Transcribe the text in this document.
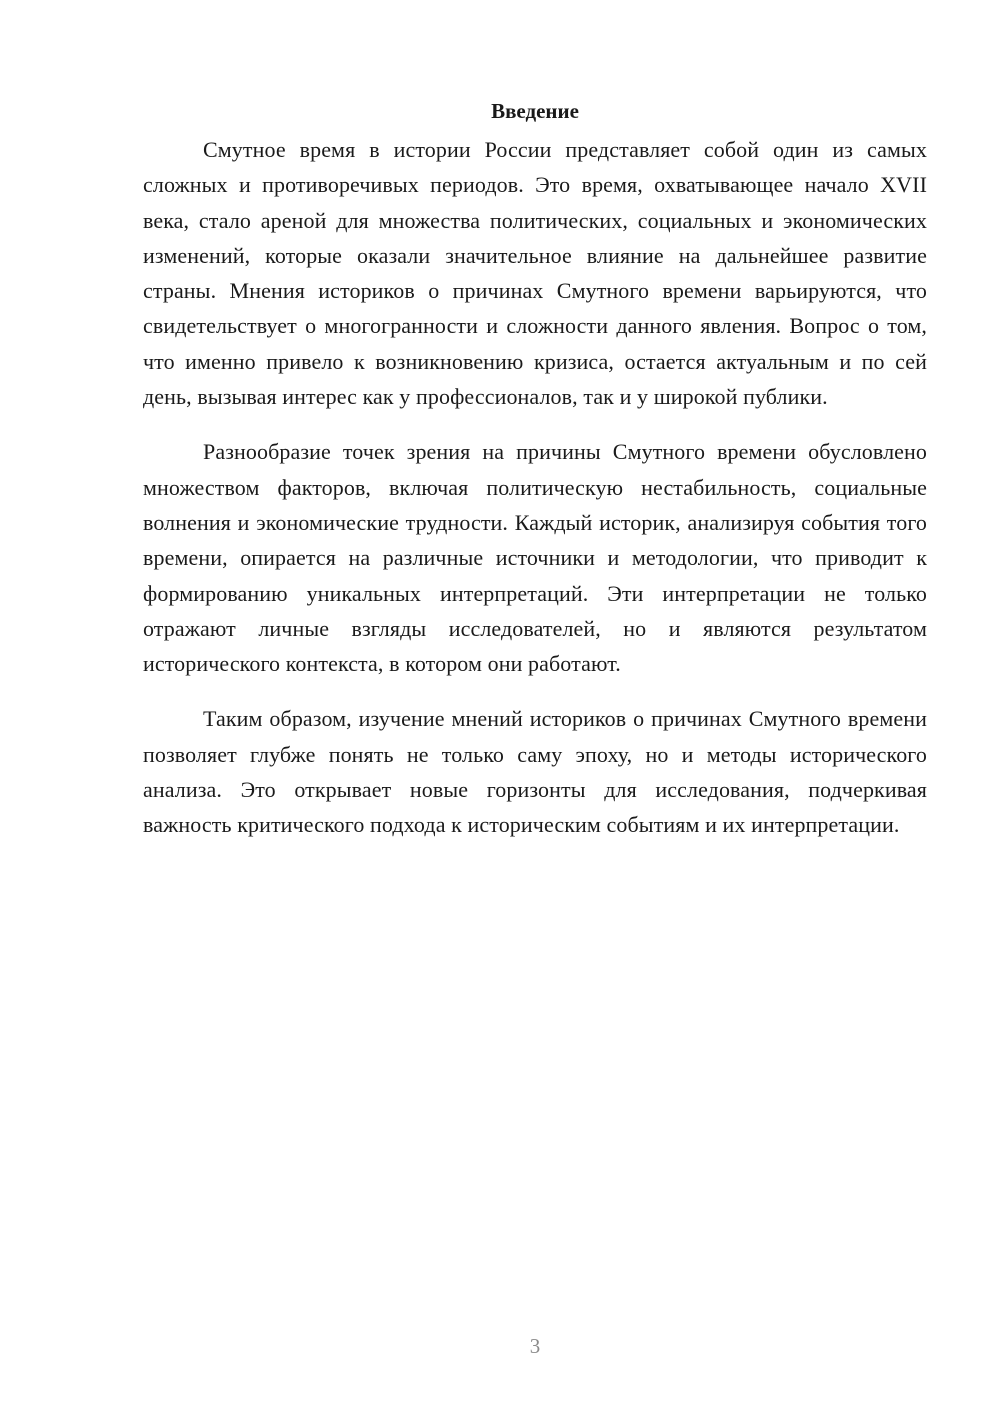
Введение

Смутное время в истории России представляет собой один из самых сложных и противоречивых периодов. Это время, охватывающее начало XVII века, стало ареной для множества политических, социальных и экономических изменений, которые оказали значительное влияние на дальнейшее развитие страны. Мнения историков о причинах Смутного времени варьируются, что свидетельствует о многогранности и сложности данного явления. Вопрос о том, что именно привело к возникновению кризиса, остается актуальным и по сей день, вызывая интерес как у профессионалов, так и у широкой публики.

Разнообразие точек зрения на причины Смутного времени обусловлено множеством факторов, включая политическую нестабильность, социальные волнения и экономические трудности. Каждый историк, анализируя события того времени, опирается на различные источники и методологии, что приводит к формированию уникальных интерпретаций. Эти интерпретации не только отражают личные взгляды исследователей, но и являются результатом исторического контекста, в котором они работают.

Таким образом, изучение мнений историков о причинах Смутного времени позволяет глубже понять не только саму эпоху, но и методы исторического анализа. Это открывает новые горизонты для исследования, подчеркивая важность критического подхода к историческим событиям и их интерпретации.

3
